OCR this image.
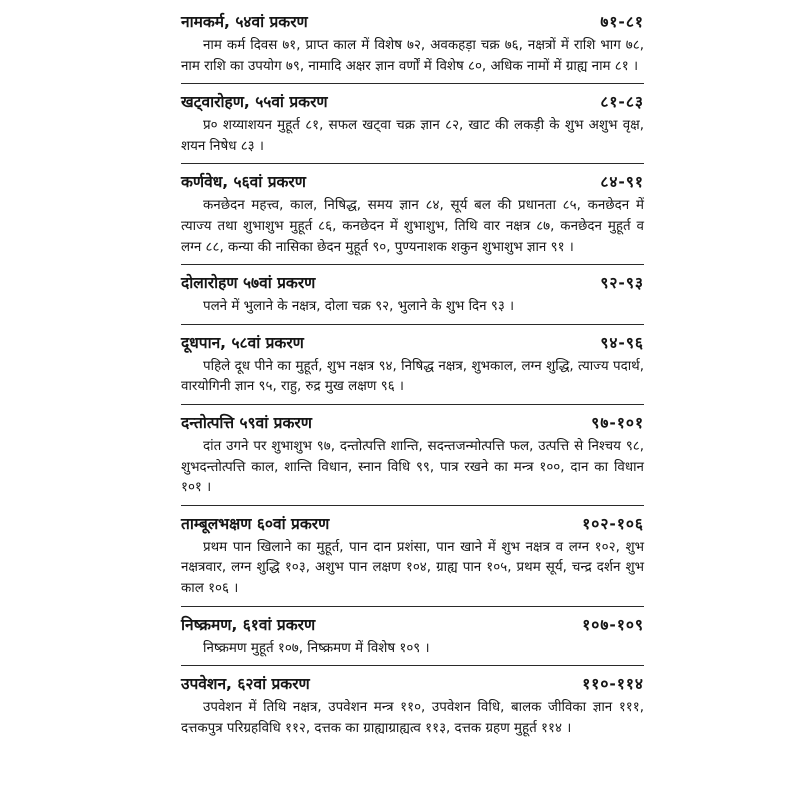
नामकर्म, ५४वां प्रकरण	७१-८१
नाम कर्म दिवस ७१, प्राप्त काल में विशेष ७२, अवकहड़ा चक्र ७६, नक्षत्रों में राशि भाग ७८, नाम राशि का उपयोग ७९, नामादि अक्षर ज्ञान वर्णों में विशेष ८०, अधिक नामों में ग्राह्य नाम ८१ ।
खट्वारोहण, ५५वां प्रकरण	८१-८३
प्र० शय्याशयन मुहूर्त ८१, सफल खट्वा चक्र ज्ञान ८२, खाट की लकड़ी के शुभ अशुभ वृक्ष, शयन निषेध ८३ ।
कर्णवेध, ५६वां प्रकरण	८४-९१
कनछेदन महत्त्व, काल, निषिद्ध, समय ज्ञान ८४, सूर्य बल की प्रधानता ८५, कनछेदन में त्याज्य तथा शुभाशुभ मुहूर्त ८६, कनछेदन में शुभाशुभ, तिथि वार नक्षत्र ८७, कनछेदन मुहूर्त व लग्न ८८, कन्या की नासिका छेदन मुहूर्त ९०, पुण्यनाशक शकुन शुभाशुभ ज्ञान ९१ ।
दोलारोहण ५७वां प्रकरण	९२-९३
पलने में भुलाने के नक्षत्र, दोला चक्र ९२, भुलाने के शुभ दिन ९३ ।
दूधपान, ५८वां प्रकरण	९४-९६
पहिले दूध पीने का मुहूर्त, शुभ नक्षत्र ९४, निषिद्ध नक्षत्र, शुभकाल, लग्न शुद्धि, त्याज्य पदार्थ, वारयोगिनी ज्ञान ९५, राहु, रुद्र मुख लक्षण ९६ ।
दन्तोत्पत्ति ५९वां प्रकरण	९७-१०१
दांत उगने पर शुभाशुभ ९७, दन्तोत्पत्ति शान्ति, सदन्तजन्मोत्पत्ति फल, उत्पत्ति से निश्चय ९८, शुभदन्तोत्पत्ति काल, शान्ति विधान, स्नान विधि ९९, पात्र रखने का मन्त्र १००, दान का विधान १०१ ।
ताम्बूलभक्षण ६०वां प्रकरण	१०२-१०६
प्रथम पान खिलाने का मुहूर्त, पान दान प्रशंसा, पान खाने में शुभ नक्षत्र व लग्न १०२, शुभ नक्षत्रवार, लग्न शुद्धि १०३, अशुभ पान लक्षण १०४, ग्राह्य पान १०५, प्रथम सूर्य, चन्द्र दर्शन शुभ काल १०६ ।
निष्क्रमण, ६१वां प्रकरण	१०७-१०९
निष्क्रमण मुहूर्त १०७, निष्क्रमण में विशेष १०९ ।
उपवेशन, ६२वां प्रकरण	११०-११४
उपवेशन में तिथि नक्षत्र, उपवेशन मन्त्र ११०, उपवेशन विधि, बालक जीविका ज्ञान १११, दत्तकपुत्र परिग्रहविधि ११२, दत्तक का ग्राह्याग्राह्यत्व ११३, दत्तक ग्रहण मुहूर्त ११४ ।
